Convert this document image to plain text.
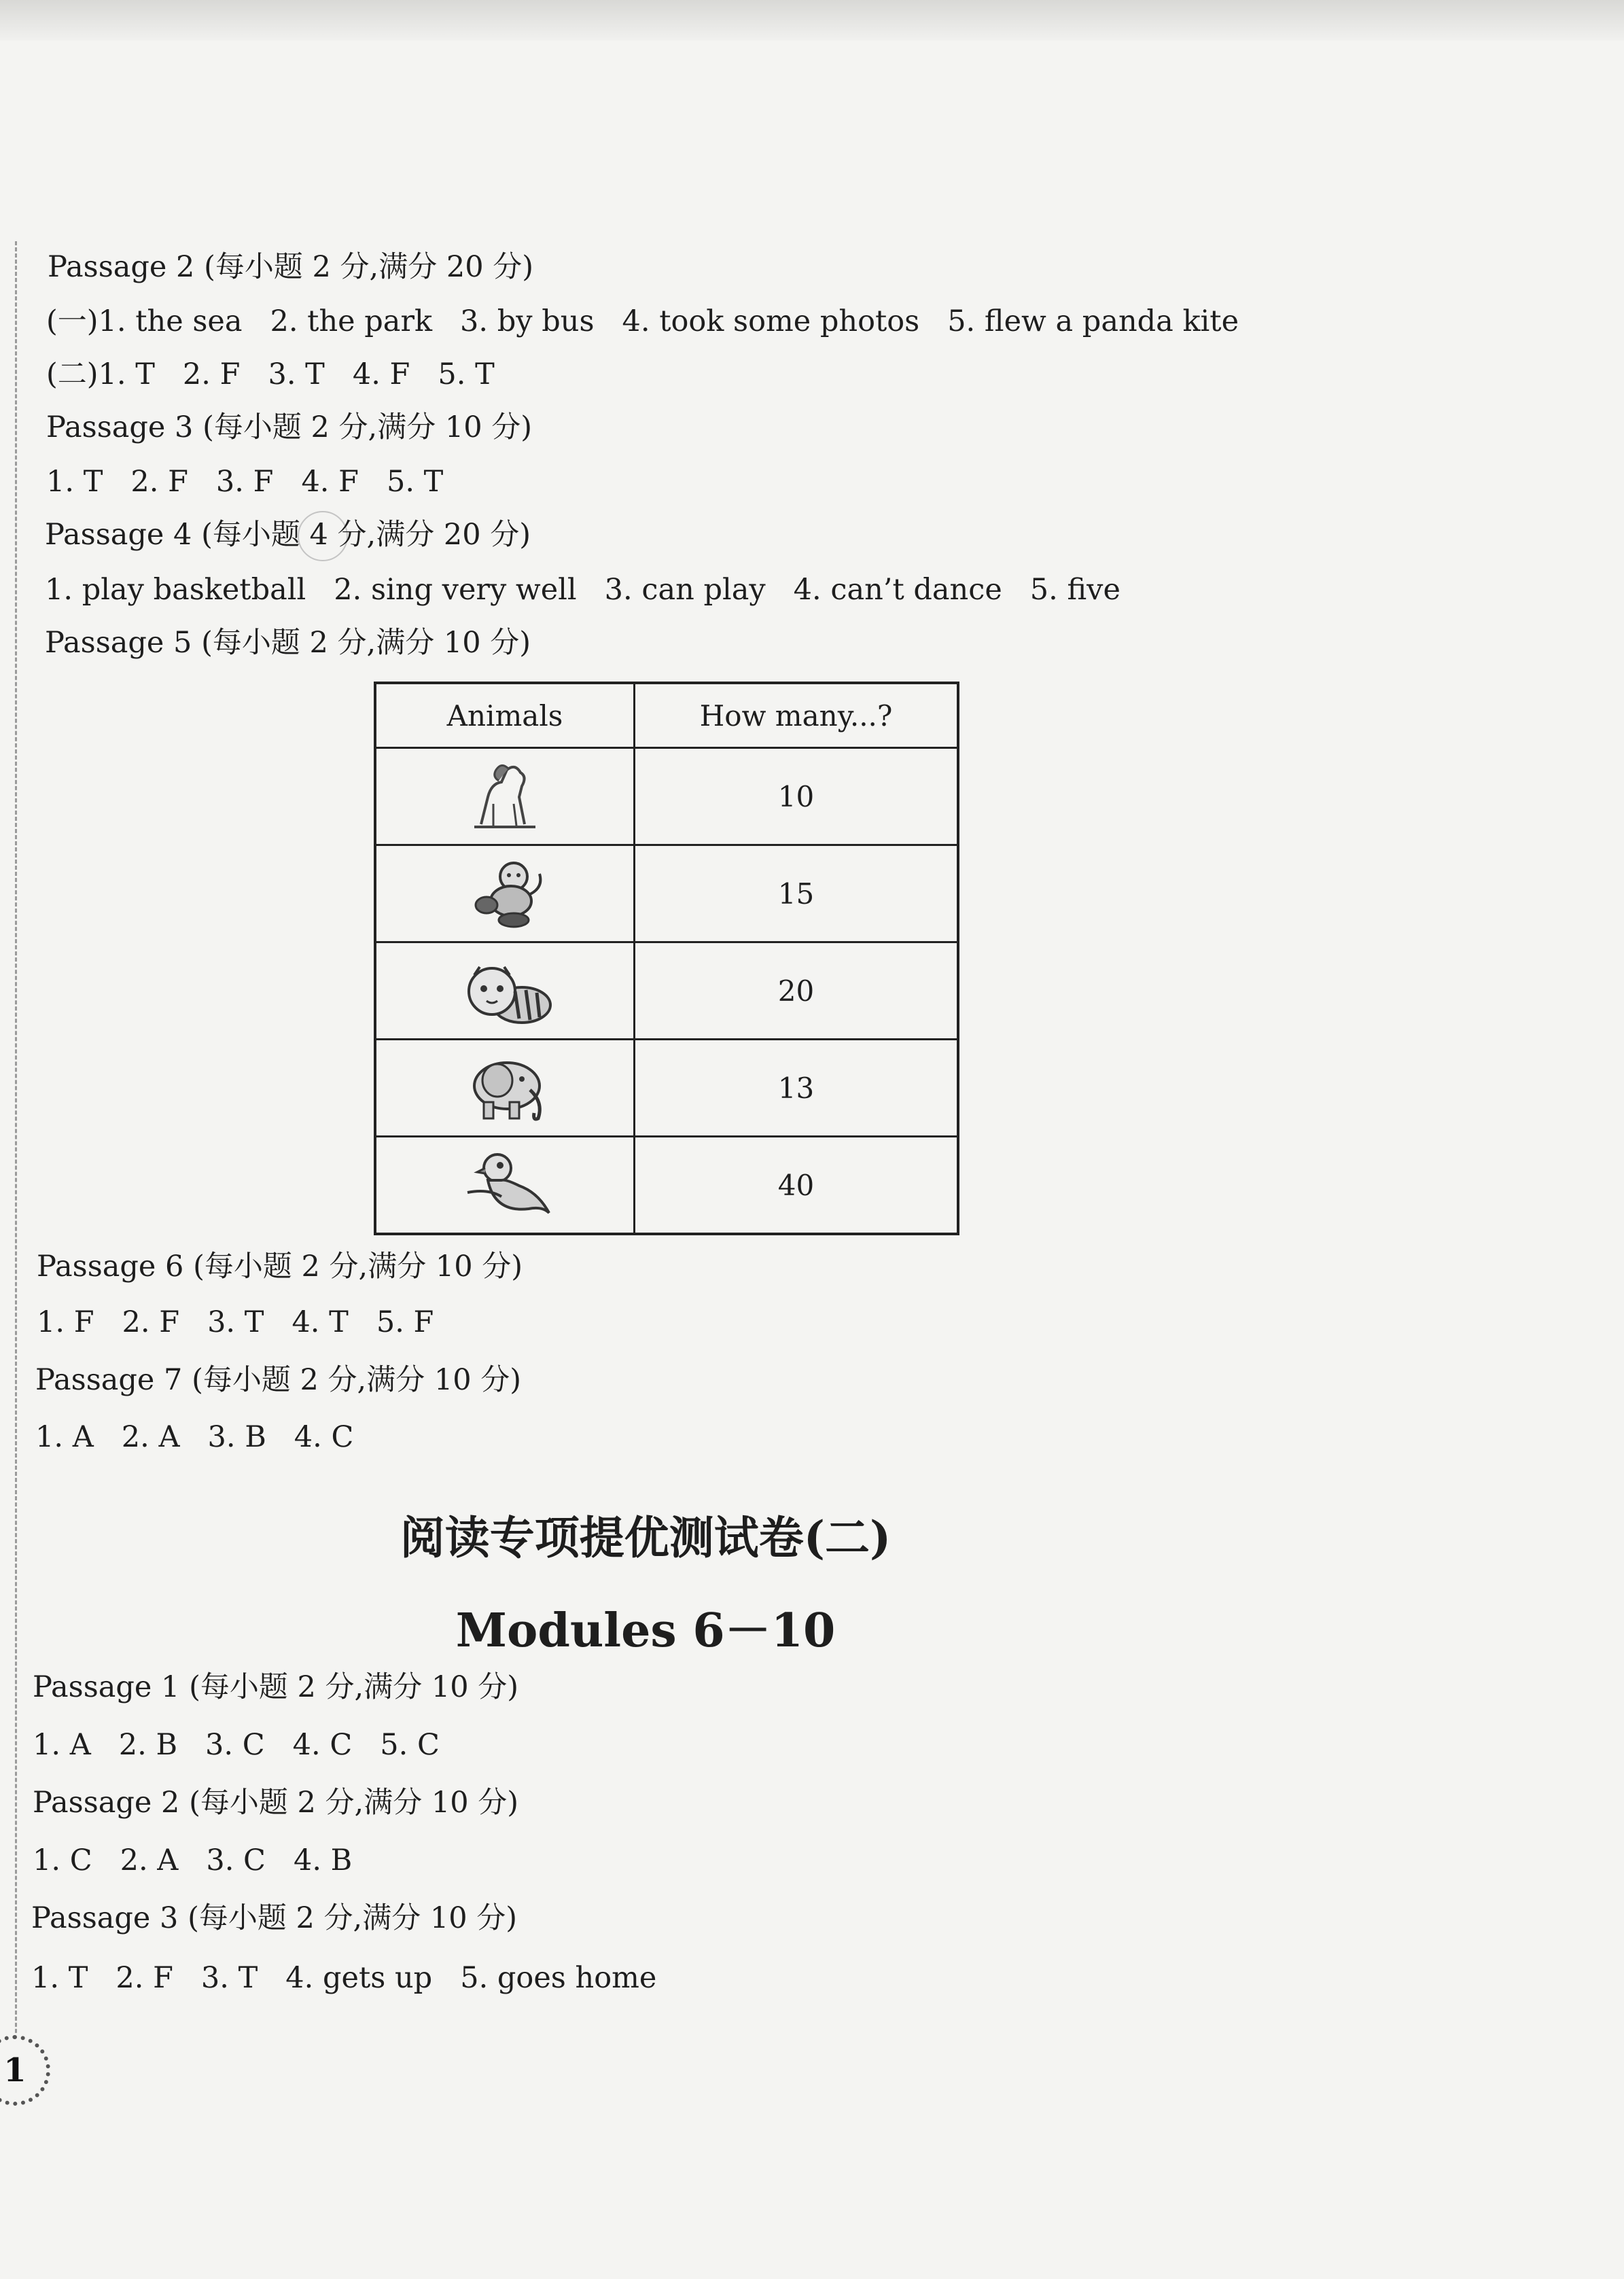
Passage 2 (每小题 2 分,满分 20 分)
(一)1. the sea   2. the park   3. by bus   4. took some photos   5. flew a panda kite
(二)1. T   2. F   3. T   4. F   5. T
Passage 3 (每小题 2 分,满分 10 分)
1. T   2. F   3. F   4. F   5. T
Passage 4 (每小题 4 分,满分 20 分)
1. play basketball   2. sing very well   3. can play   4. can’t dance   5. five
Passage 5 (每小题 2 分,满分 10 分)
Animals	How many...?

	10

	15

	20

	13

	40
Passage 6 (每小题 2 分,满分 10 分)
1. F   2. F   3. T   4. T   5. F
Passage 7 (每小题 2 分,满分 10 分)
1. A   2. A   3. B   4. C
阅读专项提优测试卷(二)
Modules 6－10
Passage 1 (每小题 2 分,满分 10 分)
1. A   2. B   3. C   4. C   5. C
Passage 2 (每小题 2 分,满分 10 分)
1. C   2. A   3. C   4. B
Passage 3 (每小题 2 分,满分 10 分)
1. T   2. F   3. T   4. gets up   5. goes home
1
